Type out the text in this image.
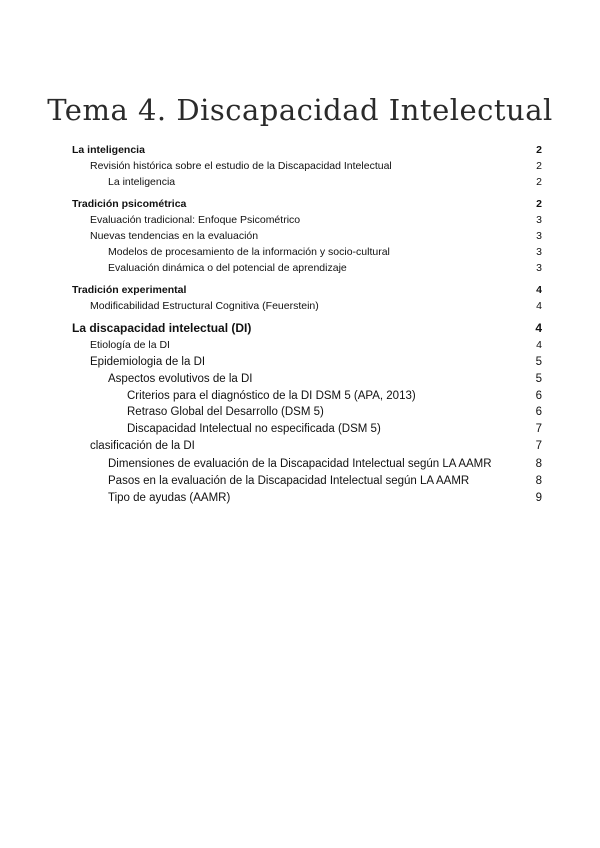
Tema 4. Discapacidad Intelectual
La inteligencia	2
Revisión histórica sobre el estudio de la Discapacidad Intelectual	2
La inteligencia	2
Tradición psicométrica	2
Evaluación tradicional: Enfoque Psicométrico	3
Nuevas tendencias en la evaluación	3
Modelos de procesamiento de la información y socio-cultural	3
Evaluación dinámica o del potencial de aprendizaje	3
Tradición experimental	4
Modificabilidad Estructural Cognitiva (Feuerstein)	4
La discapacidad intelectual (DI)	4
Etiología de la DI	4
Epidemiologia de la DI	5
Aspectos evolutivos de la DI	5
Criterios para el diagnóstico de la DI DSM 5 (APA, 2013)	6
Retraso Global del Desarrollo (DSM 5)	6
Discapacidad Intelectual no especificada (DSM 5)	7
clasificación de la DI	7
Dimensiones de evaluación de la Discapacidad Intelectual según LA AAMR	8
Pasos en la evaluación de la Discapacidad Intelectual según LA AAMR	8
Tipo de ayudas (AAMR)	9
